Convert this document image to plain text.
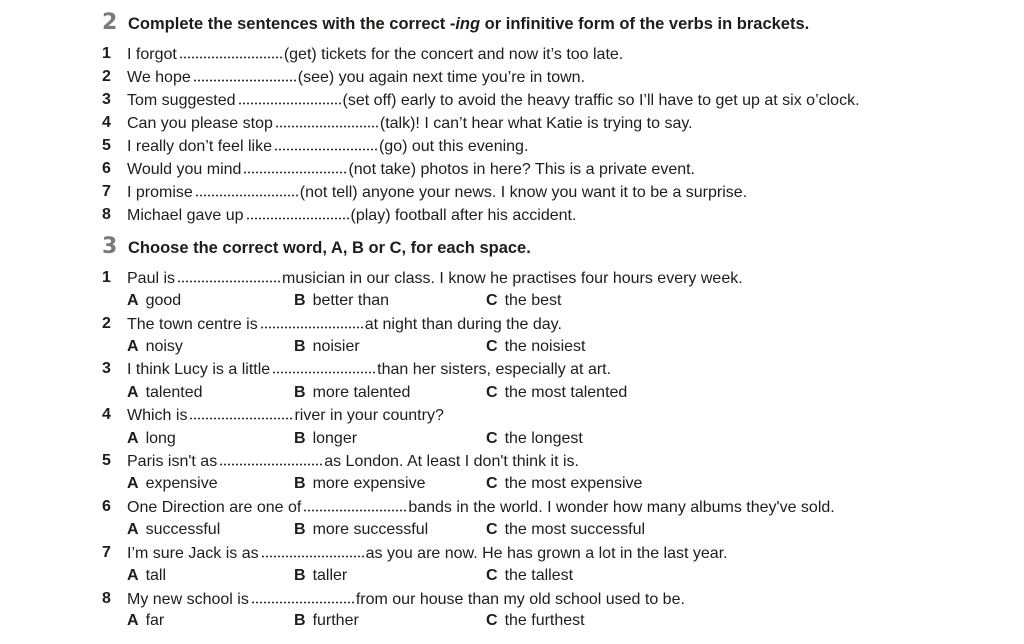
2 Complete the sentences with the correct -ing or infinitive form of the verbs in brackets.
1 I forgot	(get) tickets for the concert and now it’s too late.
2 We hope	(see) you again next time you’re in town.
3 Tom suggested	(set off) early to avoid the heavy traffic so I’ll have to get up at six o’clock.
4 Can you please stop	(talk)! I can’t hear what Katie is trying to say.
5 I really don’t feel like	(go) out this evening.
6 Would you mind	(not take) photos in here? This is a private event.
7 I promise	(not tell) anyone your news. I know you want it to be a surprise.
8 Michael gave up	(play) football after his accident.
3 Choose the correct word, A, B or C, for each space.
1 Paul is	musician in our class. I know he practises four hours every week.
A good	B better than	C the best
2 The town centre is	at night than during the day.
A noisy	B noisier	C the noisiest
3 I think Lucy is a little	than her sisters, especially at art.
A talented	B more talented	C the most talented
4 Which is	river in your country?
A long	B longer	C the longest
5 Paris isn't as	as London. At least I don't think it is.
A expensive	B more expensive	C the most expensive
6 One Direction are one of	bands in the world. I wonder how many albums they've sold.
A successful	B more successful	C the most successful
7 I’m sure Jack is as	as you are now. He has grown a lot in the last year.
A tall	B taller	C the tallest
8 My new school is	from our house than my old school used to be.
A far	B further	C the furthest
